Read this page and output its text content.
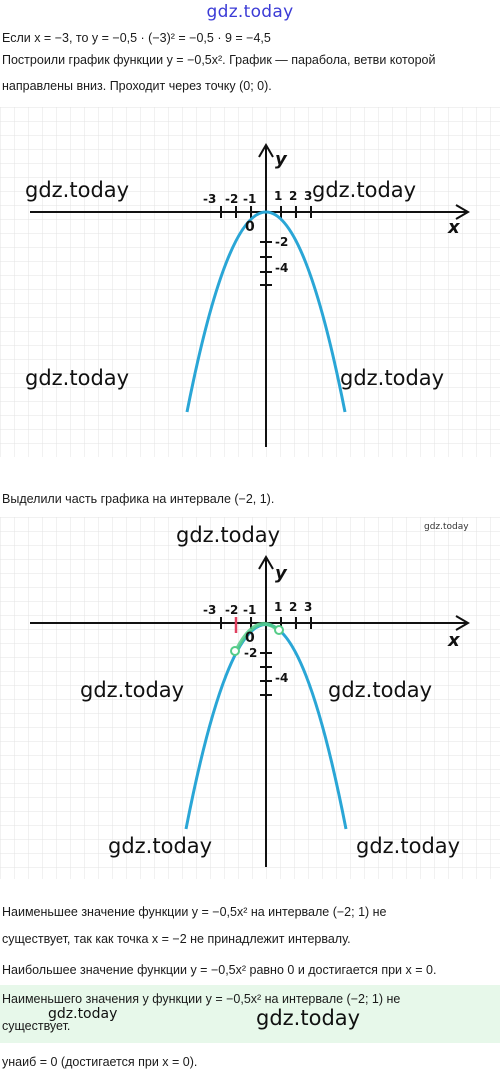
gdz.today
Если x = −3, то y = −0,5 · (−3)² = −0,5 · 9 = −4,5
Построили график функции y = −0,5x². График — парабола, ветви которой
направлены вниз. Проходит через точку (0; 0).
-3 -2 -1 1 2 3
0
-2
-4
x
y
gdz.today	gdz.today
gdz.today	gdz.today
Выделили часть графика на интервале (−2, 1).
-3 -2 -1 1 2 3
0
-2
-4
x
y
gdz.today	gdz.today
gdz.today	gdz.today
gdz.today	gdz.today
Наименьшее значение функции y = −0,5x² на интервале (−2; 1) не
существует, так как точка x = −2 не принадлежит интервалу.
Наибольшее значение функции y = −0,5x² равно 0 и достигается при x = 0.
Наименьшего значения у функции y = −0,5x² на интервале (−2; 1) не
существует.
gdz.today	gdz.today
yнаиб = 0 (достигается при x = 0).
